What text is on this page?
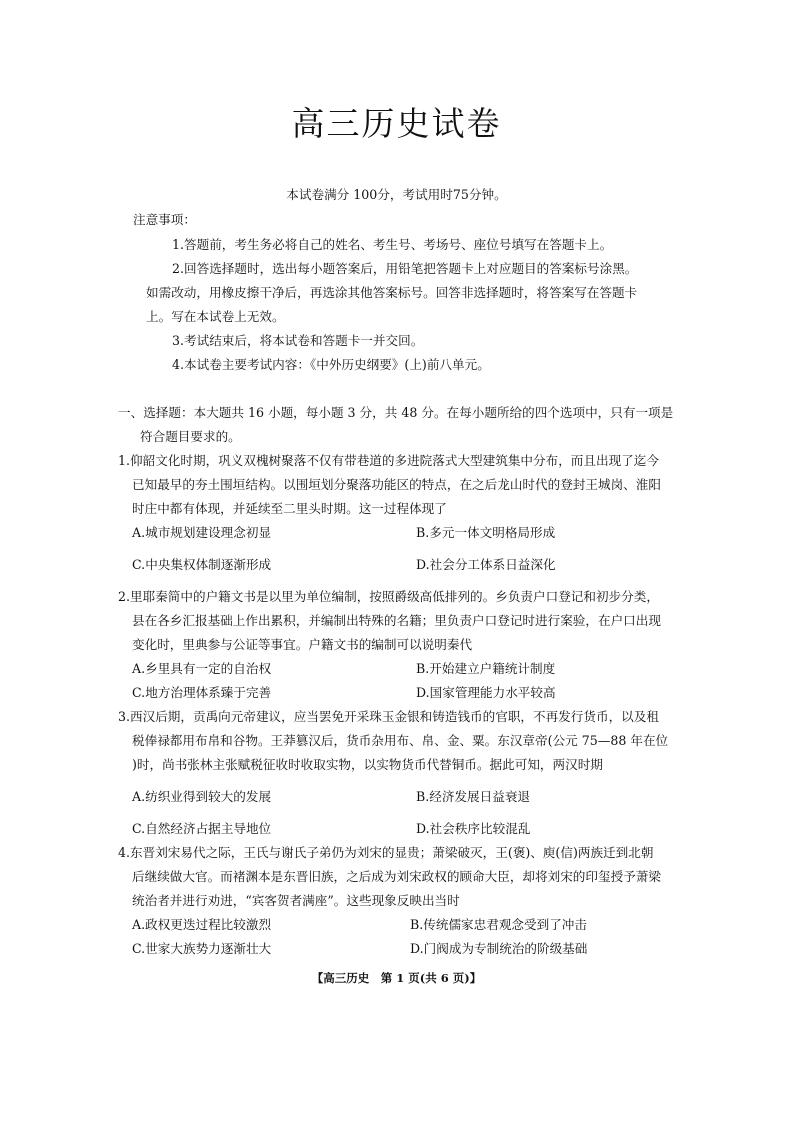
高三历史试卷
本试卷满分 100分，考试用时75分钟。
注意事项：
1.答题前，考生务必将自己的姓名、考生号、考场号、座位号填写在答题卡上。
2.回答选择题时，选出每小题答案后，用铅笔把答题卡上对应题目的答案标号涂黑。
如需改动，用橡皮擦干净后，再选涂其他答案标号。回答非选择题时，将答案写在答题卡
上。写在本试卷上无效。
3.考试结束后，将本试卷和答题卡一并交回。
4.本试卷主要考试内容：《中外历史纲要》(上)前八单元。
一、选择题：本大题共 16 小题，每小题 3 分，共 48 分。在每小题所给的四个选项中，只有一项是
符合题目要求的。
1.仰韶文化时期，巩义双槐树聚落不仅有带巷道的多进院落式大型建筑集中分布，而且出现了迄今
已知最早的夯土围垣结构。以围垣划分聚落功能区的特点，在之后龙山时代的登封王城岗、淮阳
时庄中都有体现，并延续至二里头时期。这一过程体现了
A.城市规划建设理念初显	B.多元一体文明格局形成
C.中央集权体制逐渐形成	D.社会分工体系日益深化
2.里耶秦简中的户籍文书是以里为单位编制，按照爵级高低排列的。乡负责户口登记和初步分类，
县在各乡汇报基础上作出累积，并编制出特殊的名籍；里负责户口登记时进行案验，在户口出现
变化时，里典参与公证等事宜。户籍文书的编制可以说明秦代
A.乡里具有一定的自治权	B.开始建立户籍统计制度
C.地方治理体系臻于完善	D.国家管理能力水平较高
3.西汉后期，贡禹向元帝建议，应当罢免开采珠玉金银和铸造钱币的官职，不再发行货币，以及租
税俸禄都用布帛和谷物。王莽篡汉后，货币杂用布、帛、金、粟。东汉章帝(公元 75—88 年在位
)时，尚书张林主张赋税征收时收取实物，以实物货币代替铜币。据此可知，两汉时期
A.纺织业得到较大的发展	B.经济发展日益衰退
C.自然经济占据主导地位	D.社会秩序比较混乱
4.东晋刘宋易代之际，王氏与谢氏子弟仍为刘宋的显贵；萧梁破灭，王(褒)、庾(信)两族迁到北朝
后继续做大官。而褚渊本是东晋旧族，之后成为刘宋政权的顾命大臣，却将刘宋的印玺授予萧梁
统治者并进行劝进，“宾客贺者满座”。这些现象反映出当时
A.政权更迭过程比较激烈	B.传统儒家忠君观念受到了冲击
C.世家大族势力逐渐壮大	D.门阀成为专制统治的阶级基础
【高三历史　第 1 页(共 6 页)】
